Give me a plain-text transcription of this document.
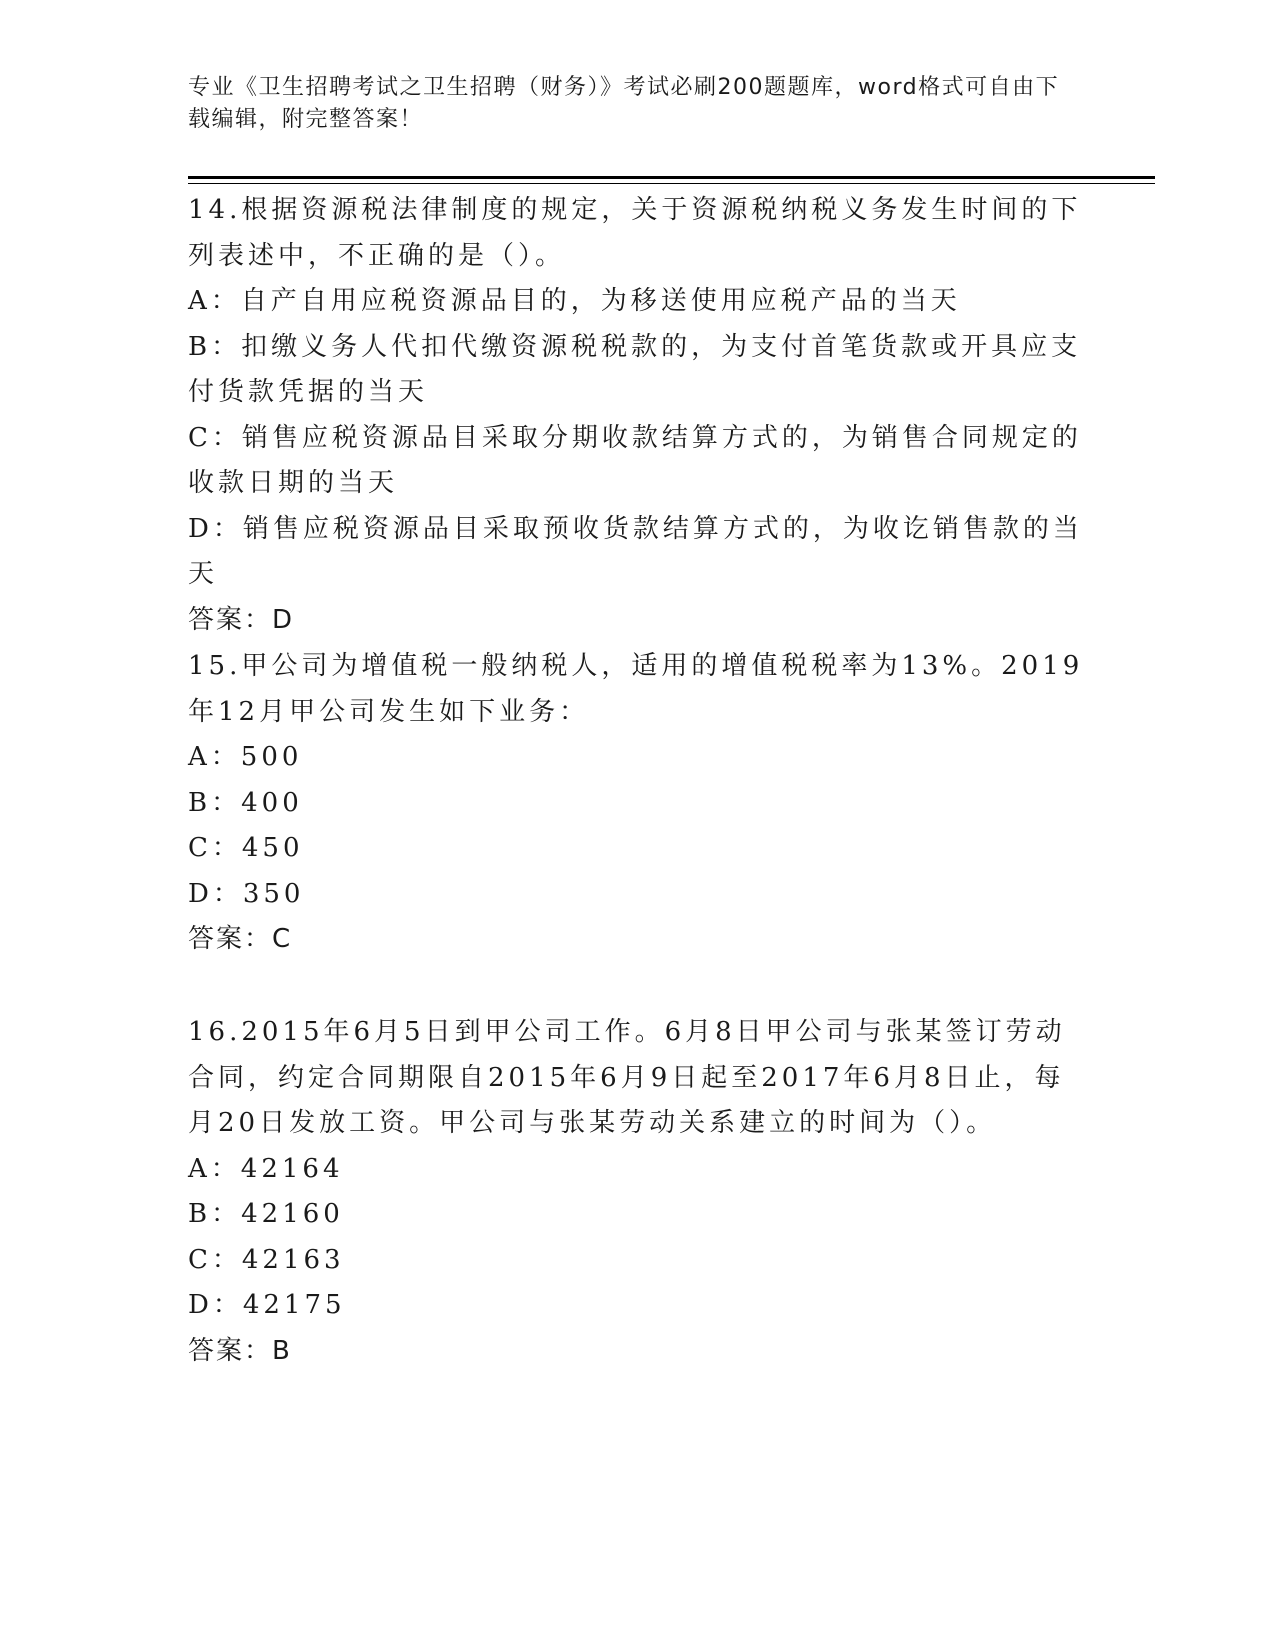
专业《卫生招聘考试之卫生招聘（财务）》考试必刷200题题库，word格式可自由下载编辑，附完整答案！

14.根据资源税法律制度的规定，关于资源税纳税义务发生时间的下列表述中，不正确的是（）。

A：自产自用应税资源品目的，为移送使用应税产品的当天

B：扣缴义务人代扣代缴资源税税款的，为支付首笔货款或开具应支付货款凭据的当天

C：销售应税资源品目采取分期收款结算方式的，为销售合同规定的收款日期的当天

D：销售应税资源品目采取预收货款结算方式的，为收讫销售款的当天

答案：D

15.甲公司为增值税一般纳税人，适用的增值税税率为13%。2019年12月甲公司发生如下业务：

A：500

B：400

C：450

D：350

答案：C

16.2015年6月5日到甲公司工作。6月8日甲公司与张某签订劳动合同，约定合同期限自2015年6月9日起至2017年6月8日止，每月20日发放工资。甲公司与张某劳动关系建立的时间为（）。

A：42164

B：42160

C：42163

D：42175

答案：B
